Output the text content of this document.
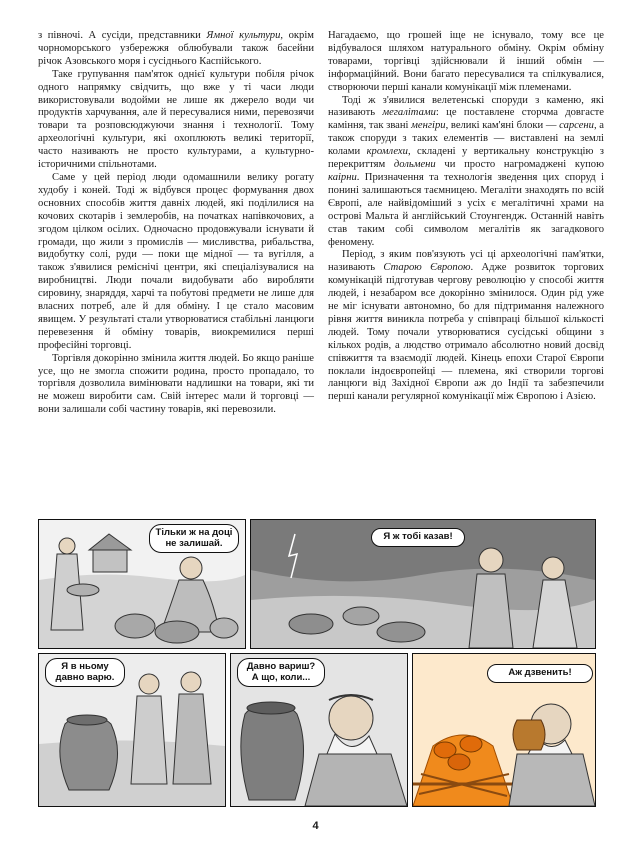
з півночі. А сусіди, представники Ямної культури, окрім чорноморського узбережжя облюбували також басейни річок Азовського моря і сусіднього Каспійського.

Таке групування пам'яток однієї культури побіля річок одного напрямку свідчить, що вже у ті часи люди використовували водойми не лише як джерело води чи продуктів харчування, але й пересувалися ними, перевозячи товари та розповсюджуючи знання і технології. Тому археологічні культури, які охоплюють великі території, часто називають не просто культурами, а культурно-історичними спільнотами.

Саме у цей період люди одомашнили велику рогату худобу і коней. Тоді ж відбувся процес формування двох основних способів життя давніх людей, які поділилися на кочових скотарів і землеробів, на початках напівкочових, а згодом цілком осілих. Одночасно продовжували існувати й громади, що жили з промислів — мисливства, рибальства, видобутку солі, руди — поки ще мідної — та вугілля, а також з'явилися реміснічі центри, які спеціалізувалися на виробництві. Люди почали видобувати або виробляти сировину, знаряддя, харчі та побутові предмети не лише для власних потреб, але й для обміну. І це стало масовим явищем. У результаті стали утворюватися стабільні ланцюги перевезення й обміну товарів, виокремилися перші професійні торговці.

Торгівля докорінно змінила життя людей. Бо якщо раніше усе, що не змогла спожити родина, просто пропадало, то торгівля дозволила вимінювати надлишки на товари, які ти не можеш виробити сам. Свій інтерес мали й торговці — вони залишали собі частину товарів, які перевозили.

Нагадаємо, що грошей іще не існувало, тому все це відбувалося шляхом натурального обміну. Окрім обміну товарами, торгівці здійснювали й інший обмін — інформаційний. Вони багато пересувалися та спілкувалися, створюючи перші канали комунікації між племенами.

Тоді ж з'явилися велетенські споруди з каменю, які називають мегалітами: це поставлене сторчма довгасте каміння, так звані менгіри, великі кам'яні блоки — сарсени, а також споруди з таких елементів — виставлені на землі колами кромлехи, складені у вертикальну конструкцію з перекриттям дольмени чи просто нагромаджені купою каірни. Призначення та технологія зведення цих споруд і понині залишаються таємницею. Мегаліти знаходять по всій Європі, але найвідоміший з усіх є мегалітичні храми на острові Мальта й англійський Стоунгендж. Останній навіть став таким собі символом мегалітів як загадкового феномену.

Період, з яким пов'язують усі ці археологічні пам'ятки, називають Старою Європою. Адже розвиток торгових комунікацій підготував чергову революцію у способі життя людей, і незабаром все докорінно змінилося. Один рід уже не міг існувати автономно, бо для підтримання належного рівня життя виникла потреба у співпраці більшої кількості людей. Тому почали утворюватися сусідські общини з кількох родів, а людство отримало абсолютно новий досвід співжиття та взаємодії людей. Кінець епохи Старої Європи поклали індоєвропейці — племена, які створили торгові ланцюги від Західної Європи аж до Індії та забезпечили перші канали регулярної комунікації між Європою і Азією.

Тільки ж на доці не залишай.
Я ж тобі казав!
Я в ньому давно варю.
Давно вариш? А що, коли...	Аж дзвенить!
4
